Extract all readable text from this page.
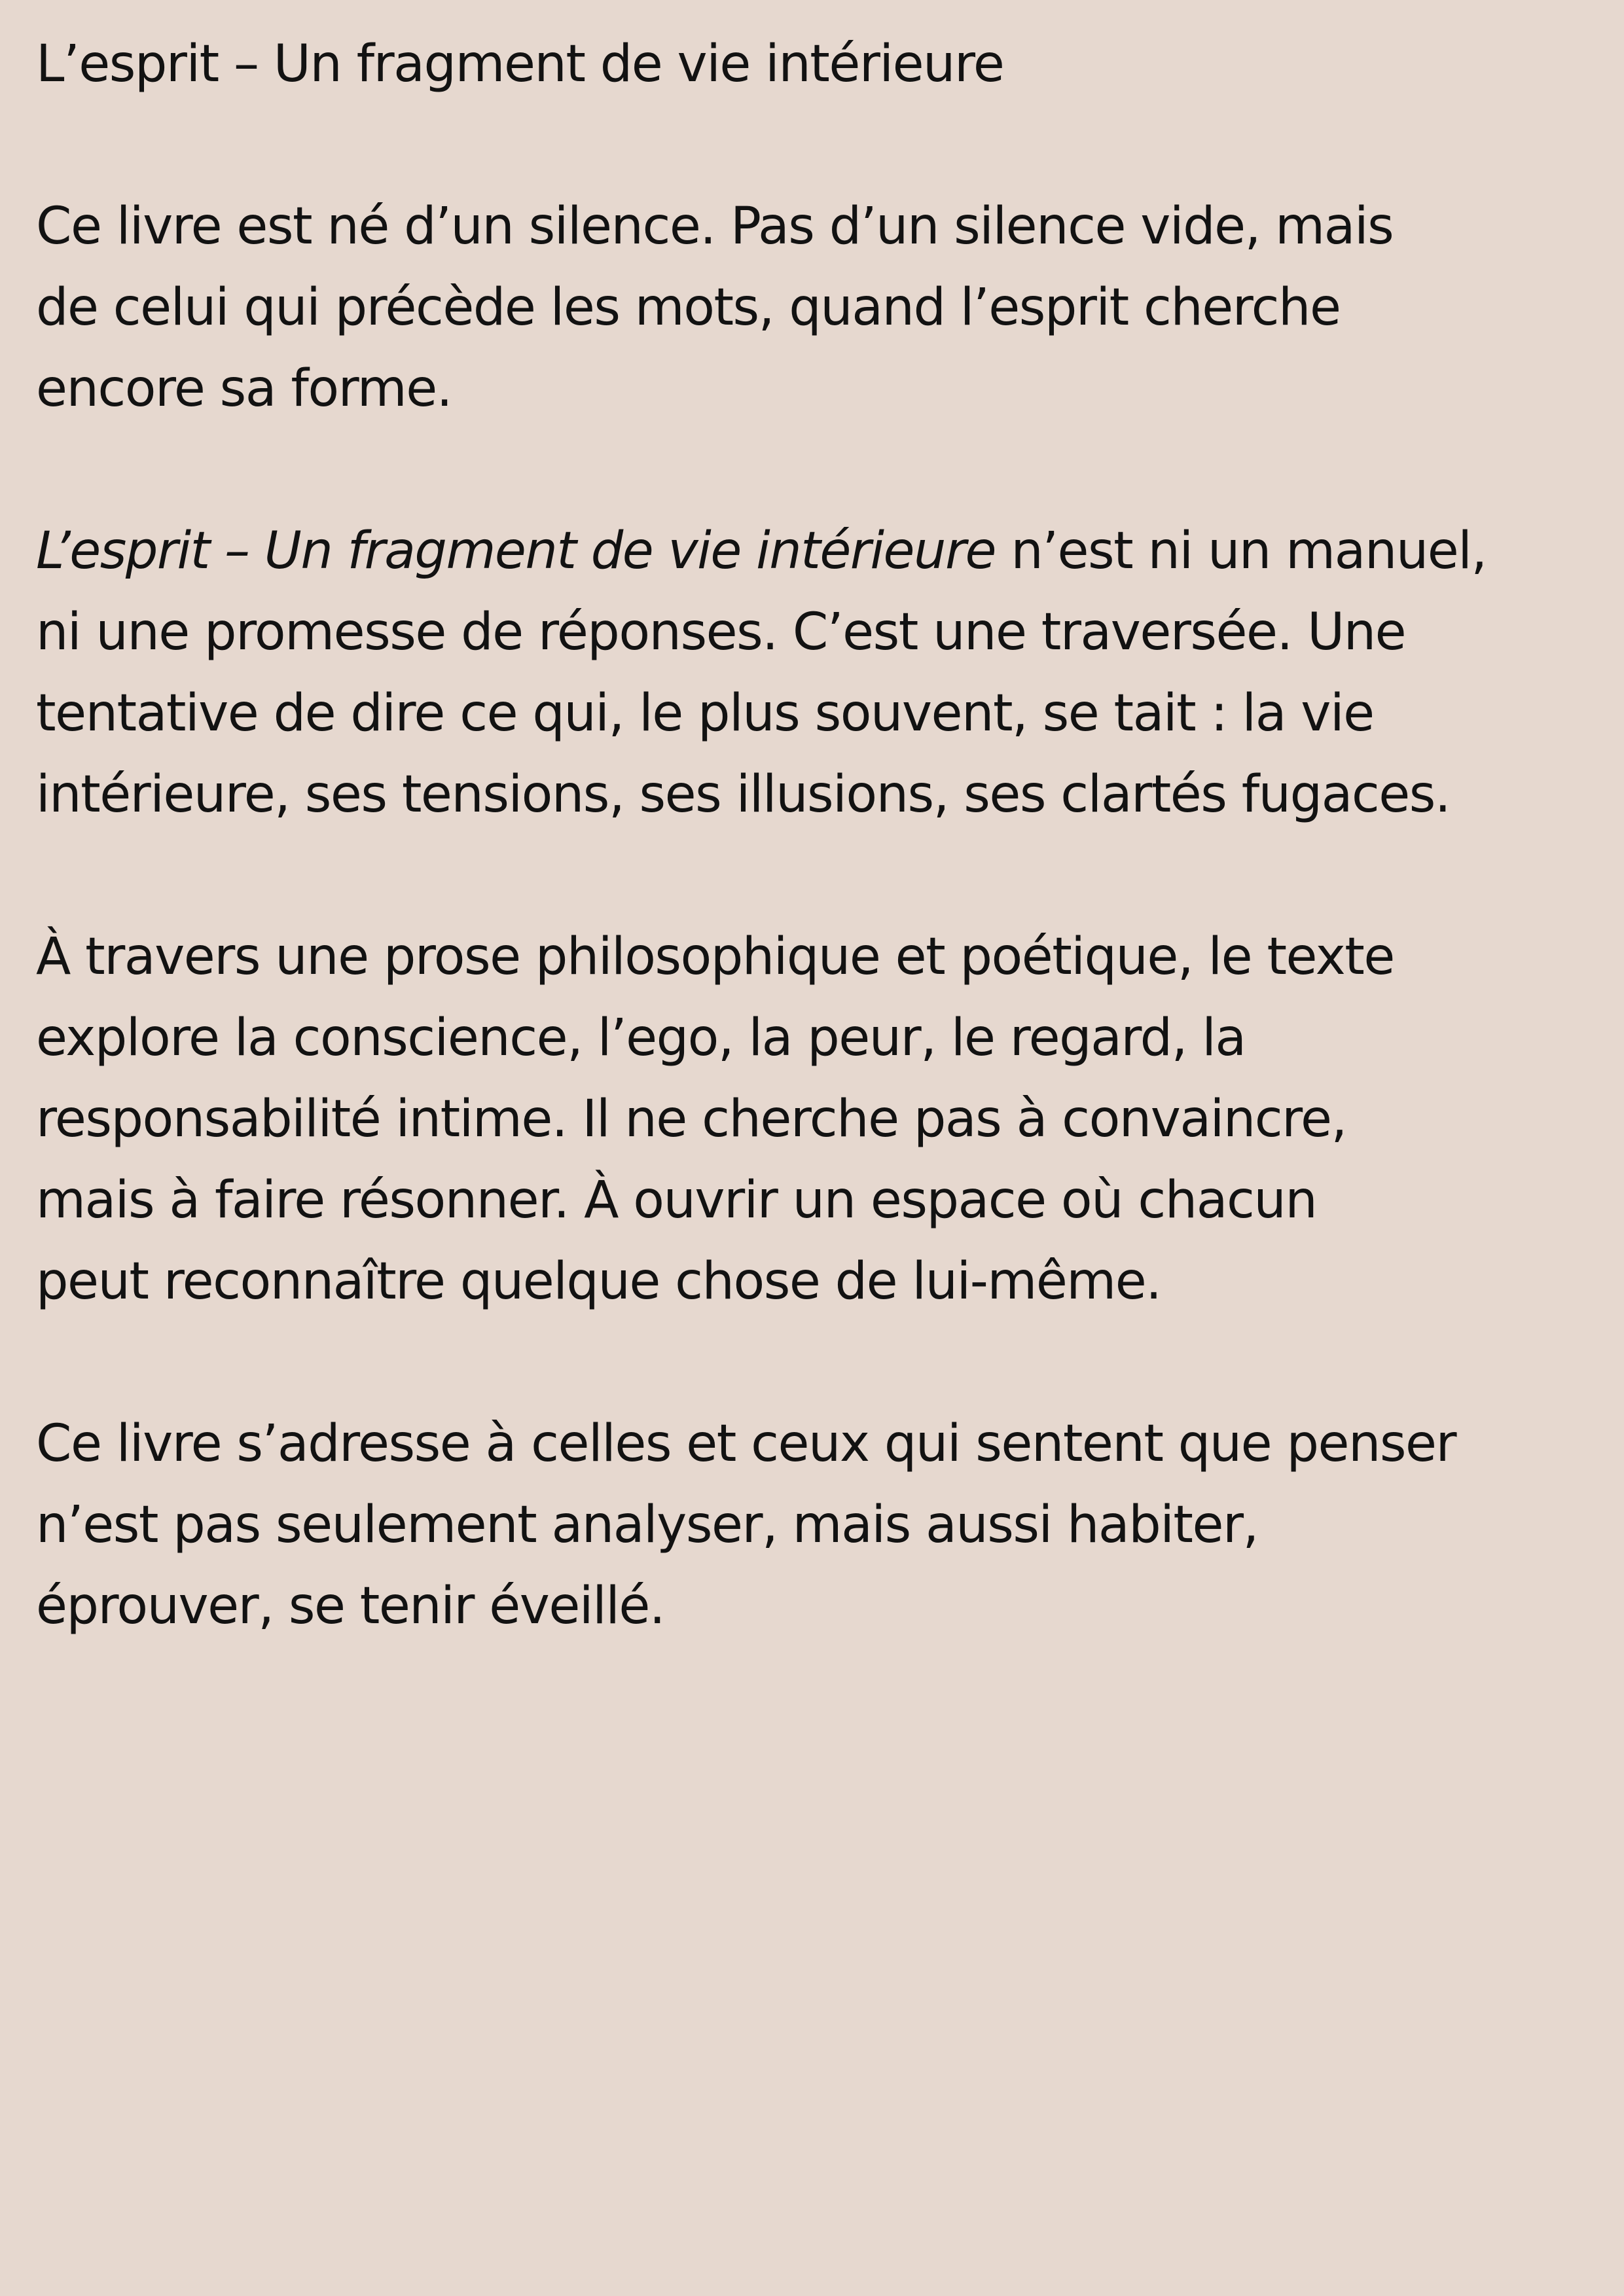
L’esprit – Un fragment de vie intérieure

Ce livre est né d’un silence. Pas d’un silence vide, mais
de celui qui précède les mots, quand l’esprit cherche
encore sa forme.

L’esprit – Un fragment de vie intérieure n’est ni un manuel,
ni une promesse de réponses. C’est une traversée. Une
tentative de dire ce qui, le plus souvent, se tait : la vie
intérieure, ses tensions, ses illusions, ses clartés fugaces.

À travers une prose philosophique et poétique, le texte
explore la conscience, l’ego, la peur, le regard, la
responsabilité intime. Il ne cherche pas à convaincre,
mais à faire résonner. À ouvrir un espace où chacun
peut reconnaître quelque chose de lui-même.

Ce livre s’adresse à celles et ceux qui sentent que penser
n’est pas seulement analyser, mais aussi habiter,
éprouver, se tenir éveillé.
